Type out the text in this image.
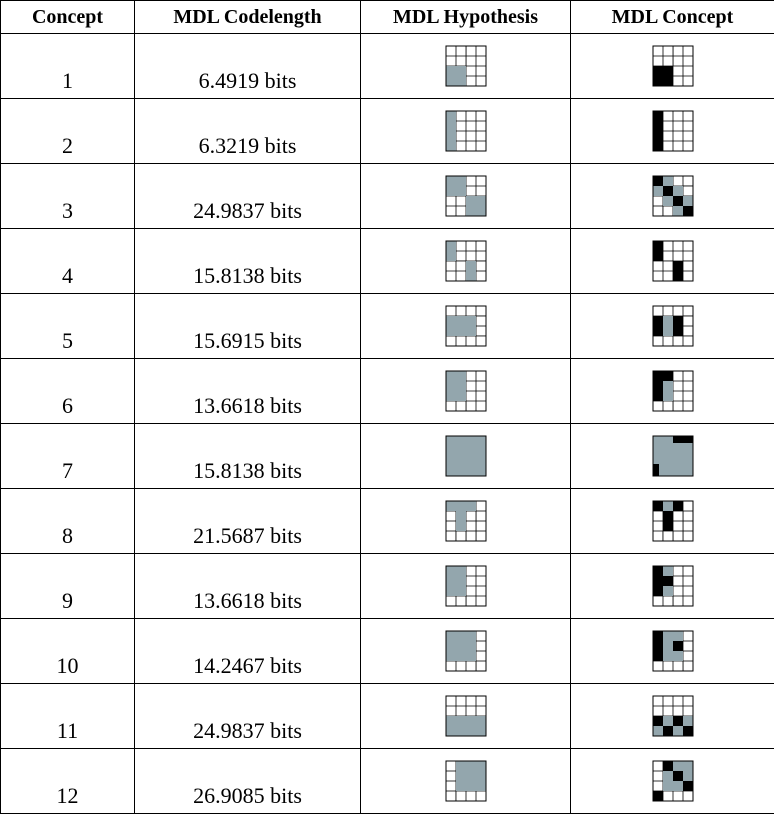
Concept	MDL Codelength	MDL Hypothesis	MDL Concept
1	6.4919 bits	

2	6.3219 bits	

3	24.9837 bits	

4	15.8138 bits	

5	15.6915 bits	

6	13.6618 bits	

7	15.8138 bits	

8	21.5687 bits	

9	13.6618 bits	

10	14.2467 bits	

11	24.9837 bits	

12	26.9085 bits	
